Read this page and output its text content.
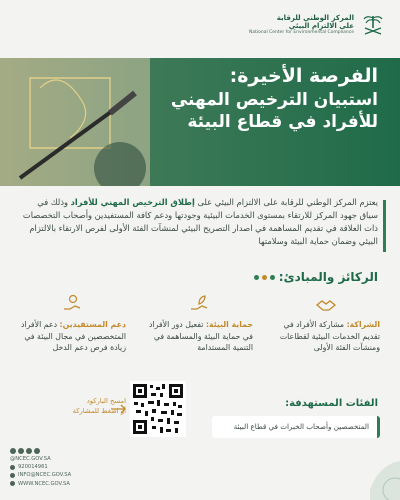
المركز الوطني للرقابة
على الالتزام البيئي
National Center for Environmental Compliance
الفرصة الأخيرة:
استبيان الترخيص المهني
للأفراد في قطاع البيئة

يعتزم المركز الوطني للرقابة على الالتزام البيئي على إطلاق الترخيص المهني للأفراد وذلك في سياق جهود المركز للارتقاء بمستوى الخدمات البيئية وجودتها ودعم كافة المستفيدين وأصحاب التخصصات ذات العلاقة في تقديم المساهمة في اصدار التصريح البيئي لمنشآت الفئة الأولى لفرص الارتقاء بالالتزام البيئي وضمان حماية البيئة وسلامتها

الركائز والمبادئ:

الشراكة: مشاركة الأفراد في تقديم الخدمات البيئية لقطاعات ومنشآت الفئة الأولى

حماية البيئة: تفعيل دور الأفراد في حماية البيئة والمساهمة في التنمية المستدامة

دعم المستفيدين: دعم الأفراد المتخصصين في مجال البيئة في زيادة فرص دعم الدخل

الفئات المستهدفة:
المتخصصين وأصحاب الخبرات في قطاع البيئة
امسح الباركود
أو اضغط للمشاركة
@NCEC.GOV.SA
920014961
INFO@NCEC.GOV.SA
WWW.NCEC.GOV.SA
